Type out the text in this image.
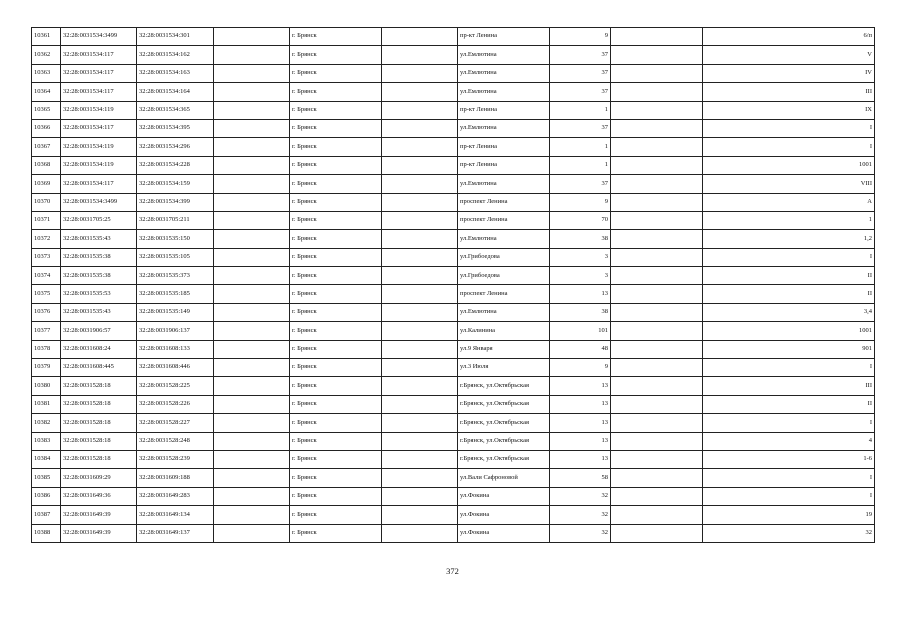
10361	32:28:0031534:3499	32:28:0031534:301		г. Брянск		пр-кт Ленина	9		6/п
10362	32:28:0031534:117	32:28:0031534:162		г. Брянск		ул.Емлютина	37		V
10363	32:28:0031534:117	32:28:0031534:163		г. Брянск		ул.Емлютина	37		IV
10364	32:28:0031534:117	32:28:0031534:164		г. Брянск		ул.Емлютина	37		III
10365	32:28:0031534:119	32:28:0031534:365		г. Брянск		пр-кт Ленина	1		IX
10366	32:28:0031534:117	32:28:0031534:395		г. Брянск		ул.Емлютина	37		I
10367	32:28:0031534:119	32:28:0031534:296		г. Брянск		пр-кт Ленина	1		I
10368	32:28:0031534:119	32:28:0031534:228		г. Брянск		пр-кт Ленина	1		1001
10369	32:28:0031534:117	32:28:0031534:159		г. Брянск		ул.Емлютина	37		VIII
10370	32:28:0031534:3499	32:28:0031534:399		г. Брянск		проспект Ленина	9		А
10371	32:28:0031705:25	32:28:0031705:211		г. Брянск		проспект Ленина	70		1
10372	32:28:0031535:43	32:28:0031535:150		г. Брянск		ул.Емлютина	38		1,2
10373	32:28:0031535:38	32:28:0031535:105		г. Брянск		ул.Грибоедова	3		I
10374	32:28:0031535:38	32:28:0031535:373		г. Брянск		ул.Грибоедова	3		II
10375	32:28:0031535:53	32:28:0031535:185		г. Брянск		проспект Ленина	13		II
10376	32:28:0031535:43	32:28:0031535:149		г. Брянск		ул.Емлютина	38		3,4
10377	32:28:0031906:57	32:28:0031906:137		г. Брянск		ул.Калинина	101		1001
10378	32:28:0031608:24	32:28:0031608:133		г. Брянск		ул.9 Января	48		901
10379	32:28:0031608:445	32:28:0031608:446		г. Брянск		ул.3 Июля	9		I
10380	32:28:0031528:18	32:28:0031528:225		г. Брянск		г.Брянск, ул.Октябрьская	13		III
10381	32:28:0031528:18	32:28:0031528:226		г. Брянск		г.Брянск, ул.Октябрьская	13		II
10382	32:28:0031528:18	32:28:0031528:227		г. Брянск		г.Брянск, ул.Октябрьская	13		I
10383	32:28:0031528:18	32:28:0031528:248		г. Брянск		г.Брянск, ул.Октябрьская	13		4
10384	32:28:0031528:18	32:28:0031528:239		г. Брянск		г.Брянск, ул.Октябрьская	13		1-6
10385	32:28:0031609:29	32:28:0031609:188		г. Брянск		ул.Вали Сафроновой	58		I
10386	32:28:0031649:36	32:28:0031649:283		г. Брянск		ул.Фокина	32		I
10387	32:28:0031649:39	32:28:0031649:134		г. Брянск		ул.Фокина	32		19
10388	32:28:0031649:39	32:28:0031649:137		г. Брянск		ул.Фокина	32		32
372
